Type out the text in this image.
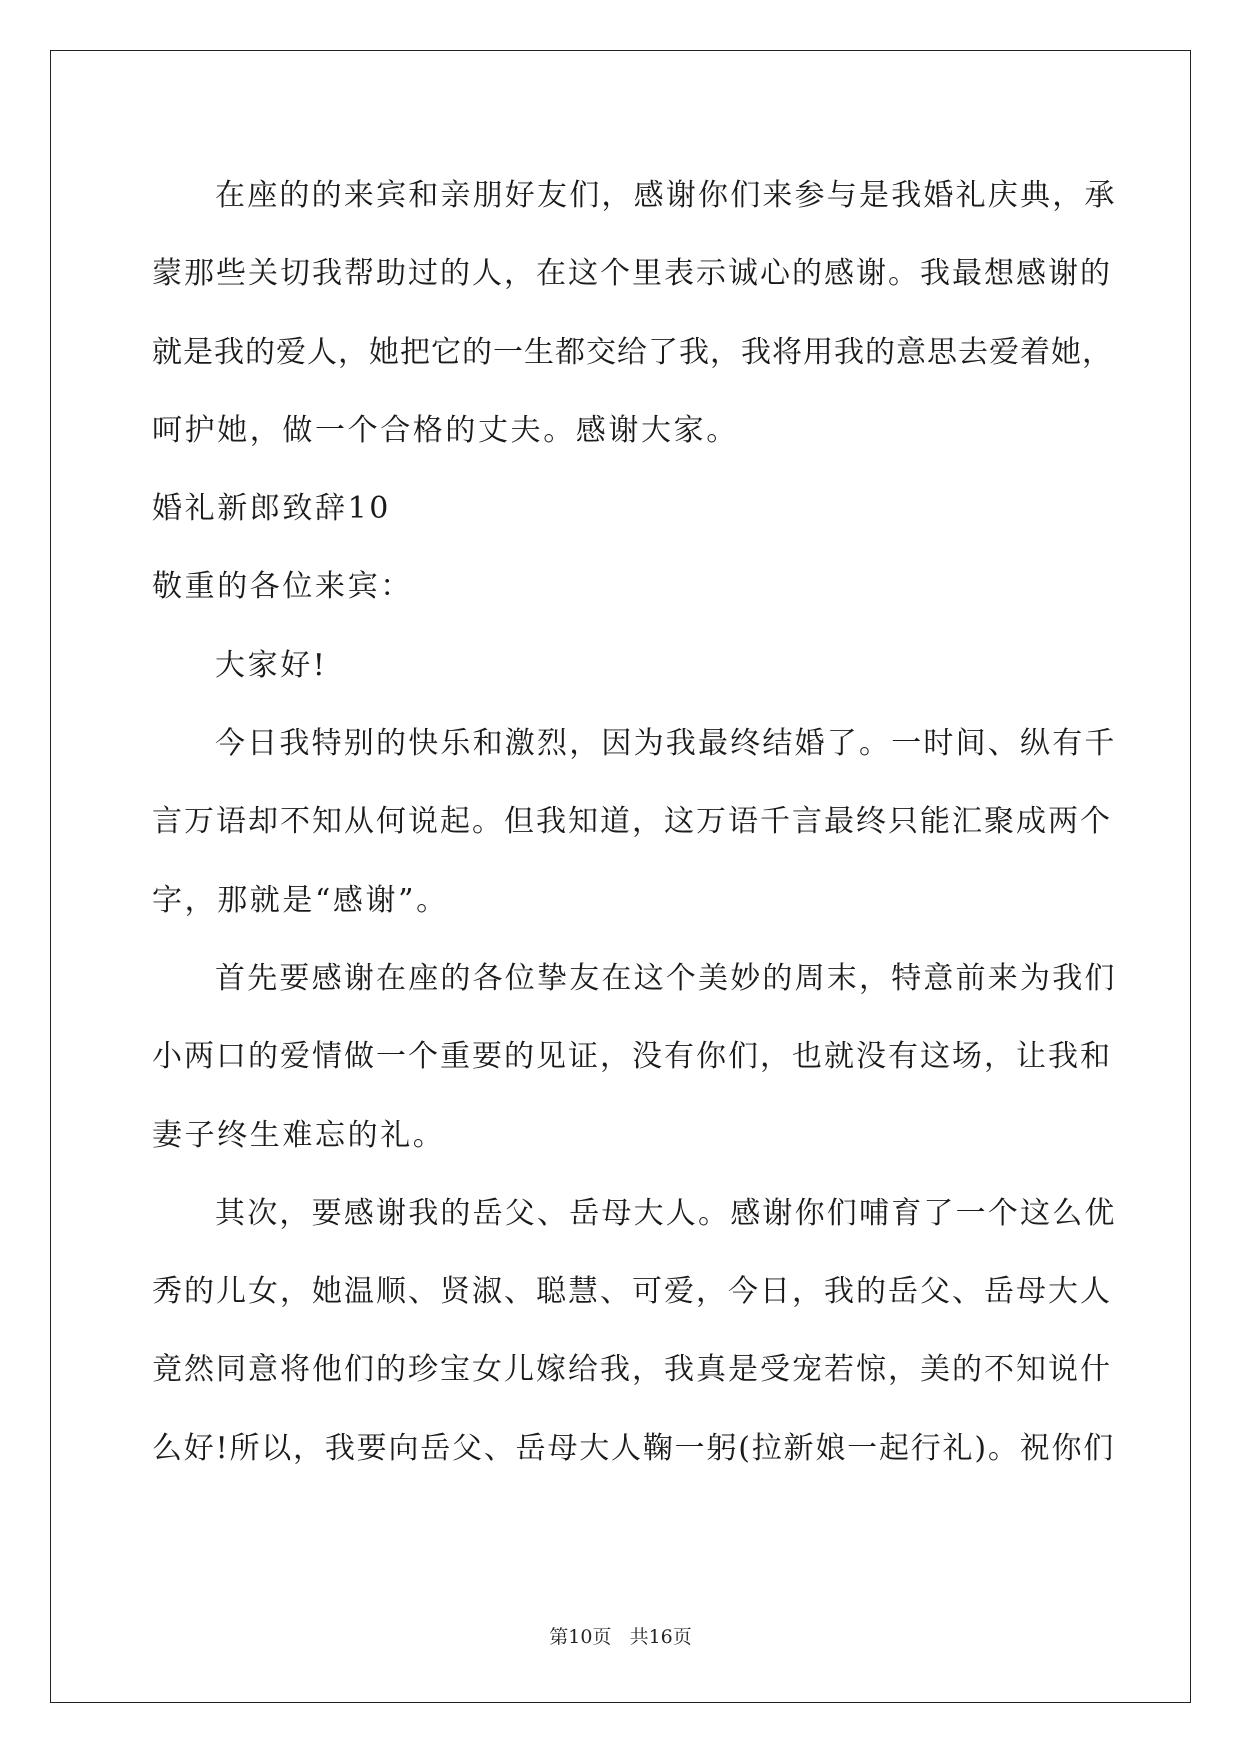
在座的的来宾和亲朋好友们，感谢你们来参与是我婚礼庆典，承
蒙那些关切我帮助过的人，在这个里表示诚心的感谢。我最想感谢的
就是我的爱人，她把它的一生都交给了我，我将用我的意思去爱着她，
呵护她，做一个合格的丈夫。感谢大家。
婚礼新郎致辞10
敬重的各位来宾：
大家好!
今日我特别的快乐和激烈，因为我最终结婚了。一时间、纵有千
言万语却不知从何说起。但我知道，这万语千言最终只能汇聚成两个
字，那就是“感谢”。
首先要感谢在座的各位挚友在这个美妙的周末，特意前来为我们
小两口的爱情做一个重要的见证，没有你们，也就没有这场，让我和
妻子终生难忘的礼。
其次，要感谢我的岳父、岳母大人。感谢你们哺育了一个这么优
秀的儿女，她温顺、贤淑、聪慧、可爱，今日，我的岳父、岳母大人
竟然同意将他们的珍宝女儿嫁给我，我真是受宠若惊，美的不知说什
么好!所以，我要向岳父、岳母大人鞠一躬(拉新娘一起行礼)。祝你们
第10页 共16页
